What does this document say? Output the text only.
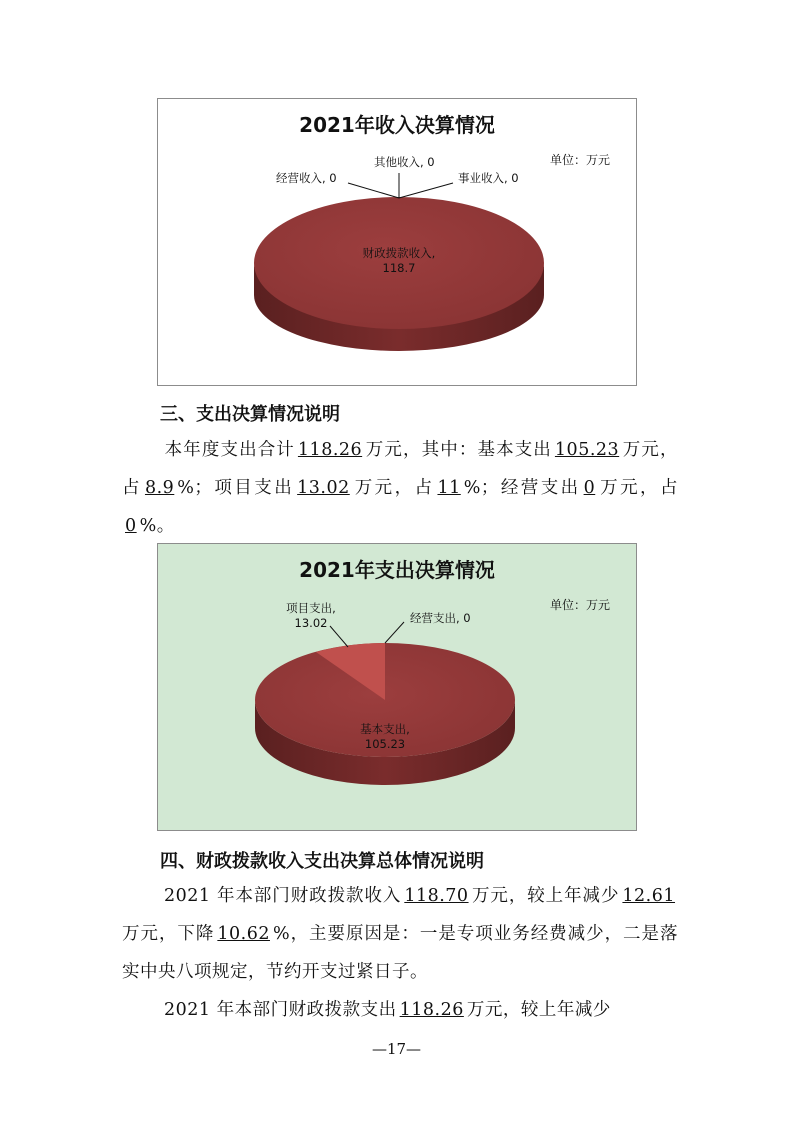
2021年收入决算情况
单位：万元
其他收入, 0
经营收入, 0	事业收入, 0
财政拨款收入,
118.7
三、支出决算情况说明
本年度支出合计 118.26 万元，其中：基本支出 105.23 万元，占 8.9 %；项目支出 13.02 万元，占 11 %；经营支出 0 万元，占0 %。
2021年支出决算情况
单位：万元
项目支出,
13.02	经营支出, 0
基本支出,
105.23
四、财政拨款收入支出决算总体情况说明
2021 年本部门财政拨款收入 118.70 万元，较上年减少 12.61万元，下降 10.62 %，主要原因是：一是专项业务经费减少，二是落实中央八项规定，节约开支过紧日子。
2021 年本部门财政拨款支出 118.26 万元，较上年减少
—17—
